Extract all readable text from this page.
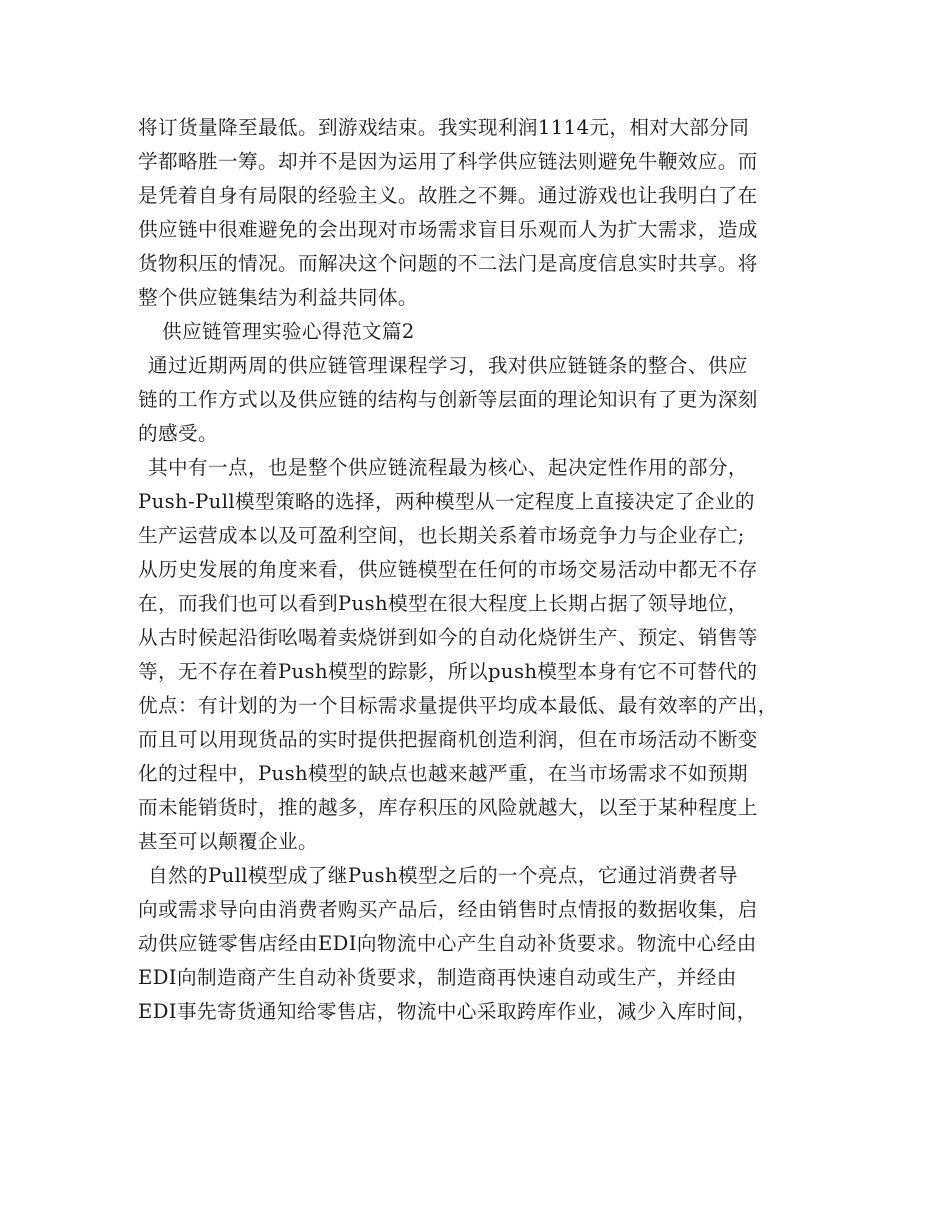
将订货量降至最低。到游戏结束。我实现利润1114元，相对大部分同
学都略胜一筹。却并不是因为运用了科学供应链法则避免牛鞭效应。而
是凭着自身有局限的经验主义。故胜之不舞。通过游戏也让我明白了在
供应链中很难避免的会出现对市场需求盲目乐观而人为扩大需求，造成
货物积压的情况。而解决这个问题的不二法门是高度信息实时共享。将
整个供应链集结为利益共同体。
供应链管理实验心得范文篇2
通过近期两周的供应链管理课程学习，我对供应链链条的整合、供应
链的工作方式以及供应链的结构与创新等层面的理论知识有了更为深刻
的感受。
其中有一点，也是整个供应链流程最为核心、起决定性作用的部分，
Push-Pull模型策略的选择，两种模型从一定程度上直接决定了企业的
生产运营成本以及可盈利空间，也长期关系着市场竞争力与企业存亡;
从历史发展的角度来看，供应链模型在任何的市场交易活动中都无不存
在，而我们也可以看到Push模型在很大程度上长期占据了领导地位，
从古时候起沿街吆喝着卖烧饼到如今的自动化烧饼生产、预定、销售等
等，无不存在着Push模型的踪影，所以push模型本身有它不可替代的
优点：有计划的为一个目标需求量提供平均成本最低、最有效率的产出，
而且可以用现货品的实时提供把握商机创造利润，但在市场活动不断变
化的过程中，Push模型的缺点也越来越严重，在当市场需求不如预期
而未能销货时，推的越多，库存积压的风险就越大，以至于某种程度上
甚至可以颠覆企业。
自然的Pull模型成了继Push模型之后的一个亮点，它通过消费者导
向或需求导向由消费者购买产品后，经由销售时点情报的数据收集，启
动供应链零售店经由EDI向物流中心产生自动补货要求。物流中心经由
EDI向制造商产生自动补货要求，制造商再快速自动或生产，并经由
EDI事先寄货通知给零售店，物流中心采取跨库作业，减少入库时间，
